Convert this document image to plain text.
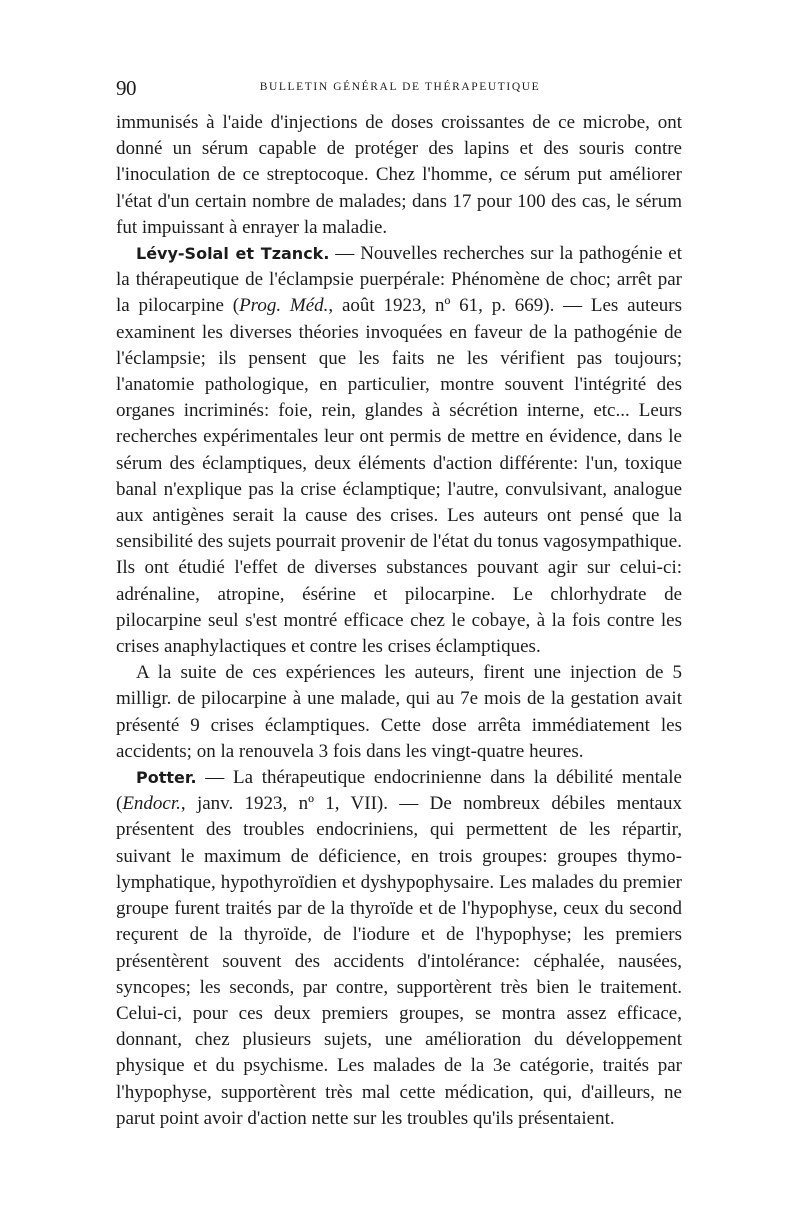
90	BULLETIN GÉNÉRAL DE THÉRAPEUTIQUE

immunisés à l'aide d'injections de doses croissantes de ce microbe, ont donné un sérum capable de protéger des lapins et des souris contre l'inoculation de ce streptocoque. Chez l'homme, ce sérum put améliorer l'état d'un certain nombre de malades; dans 17 pour 100 des cas, le sérum fut impuissant à enrayer la maladie.

Lévy-Solal et Tzanck. — Nouvelles recherches sur la pathogénie et la thérapeutique de l'éclampsie puerpérale: Phénomène de choc; arrêt par la pilocarpine (Prog. Méd., août 1923, nº 61, p. 669). — Les auteurs examinent les diverses théories invoquées en faveur de la pathogénie de l'éclampsie; ils pensent que les faits ne les vérifient pas toujours; l'anatomie pathologique, en particulier, montre souvent l'intégrité des organes incriminés: foie, rein, glandes à sécrétion interne, etc... Leurs recherches expérimentales leur ont permis de mettre en évidence, dans le sérum des éclamptiques, deux éléments d'action différente: l'un, toxique banal n'explique pas la crise éclamptique; l'autre, convulsivant, analogue aux antigènes serait la cause des crises. Les auteurs ont pensé que la sensibilité des sujets pourrait provenir de l'état du tonus vagosympathique. Ils ont étudié l'effet de diverses substances pouvant agir sur celui-ci: adrénaline, atropine, ésérine et pilocarpine. Le chlorhydrate de pilocarpine seul s'est montré efficace chez le cobaye, à la fois contre les crises anaphylactiques et contre les crises éclamptiques.

A la suite de ces expériences les auteurs, firent une injection de 5 milligr. de pilocarpine à une malade, qui au 7e mois de la gestation avait présenté 9 crises éclamptiques. Cette dose arrêta immédiatement les accidents; on la renouvela 3 fois dans les vingt-quatre heures.

Potter. — La thérapeutique endocrinienne dans la débilité mentale (Endocr., janv. 1923, nº 1, VII). — De nombreux débiles mentaux présentent des troubles endocriniens, qui permettent de les répartir, suivant le maximum de déficience, en trois groupes: groupes thymo-lymphatique, hypothyroïdien et dyshypophysaire. Les malades du premier groupe furent traités par de la thyroïde et de l'hypophyse, ceux du second reçurent de la thyroïde, de l'iodure et de l'hypophyse; les premiers présentèrent souvent des accidents d'intolérance: céphalée, nausées, syncopes; les seconds, par contre, supportèrent très bien le traitement. Celui-ci, pour ces deux premiers groupes, se montra assez efficace, donnant, chez plusieurs sujets, une amélioration du développement physique et du psychisme. Les malades de la 3e catégorie, traités par l'hypophyse, supportèrent très mal cette médication, qui, d'ailleurs, ne parut point avoir d'action nette sur les troubles qu'ils présentaient.
